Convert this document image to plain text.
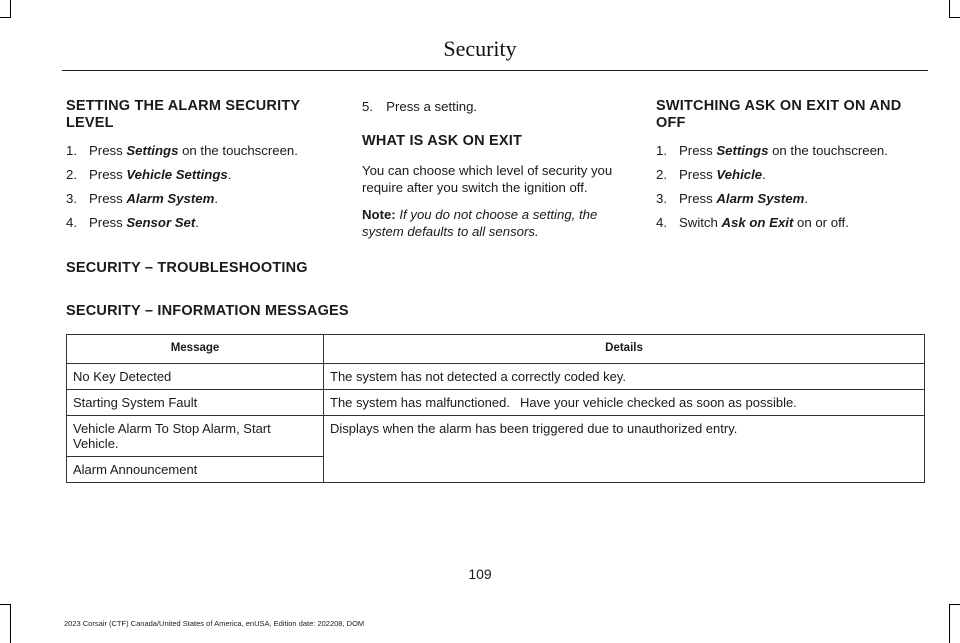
Security
SETTING THE ALARM SECURITY LEVEL
1. Press Settings on the touchscreen.
2. Press Vehicle Settings.
3. Press Alarm System.
4. Press Sensor Set.
5. Press a setting.
WHAT IS ASK ON EXIT

You can choose which level of security you require after you switch the ignition off.

Note: If you do not choose a setting, the system defaults to all sensors.

SWITCHING ASK ON EXIT ON AND OFF
1. Press Settings on the touchscreen.
2. Press Vehicle.
3. Press Alarm System.
4. Switch Ask on Exit on or off.
SECURITY – TROUBLESHOOTING
SECURITY – INFORMATION MESSAGES
Message	Details
No Key Detected	The system has not detected a correctly coded key.
Starting System Fault	The system has malfunctioned.  Have your vehicle checked as soon as possible.
Vehicle Alarm To Stop Alarm, Start Vehicle.	Displays when the alarm has been triggered due to unauthorized entry.
Alarm Announcement	
109
2023 Corsair (CTF) Canada/United States of America, enUSA, Edition date: 202208, DOM
